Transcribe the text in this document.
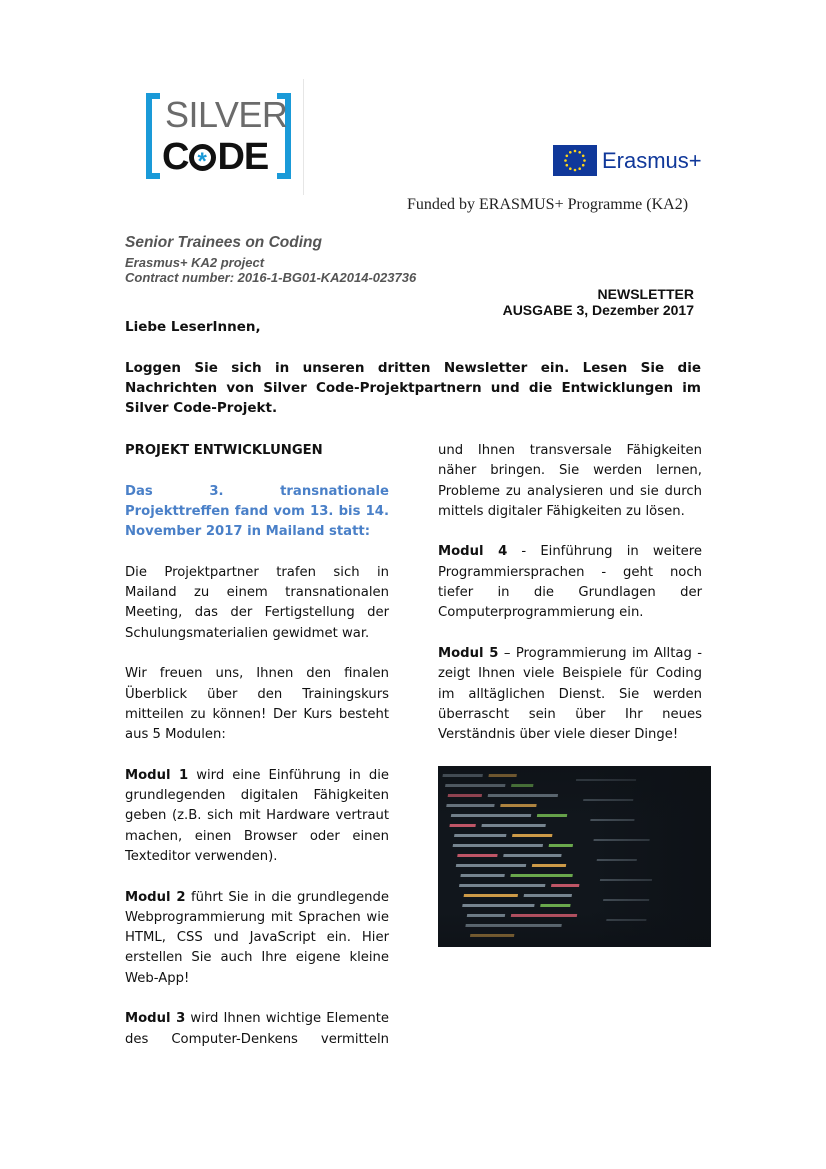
SILVER
C * DE	Erasmus+
Funded by ERASMUS+ Programme (KA2)
Senior Trainees on Coding
Erasmus+ KA2 project
Contract number: 2016-1-BG01-KA2014-023736
NEWSLETTER
AUSGABE 3, Dezember 2017
Liebe LeserInnen,
Loggen Sie sich in unseren dritten Newsletter ein. Lesen Sie die Nachrichten von Silver Code-Projektpartnern und die Entwicklungen im Silver Code-Projekt.

PROJEKT ENTWICKLUNGEN

Das 3. transnationale Projekttreffen fand vom 13. bis 14. November 2017 in Mailand statt:

Die Projektpartner trafen sich in Mailand zu einem transnationalen Meeting, das der Fertigstellung der Schulungsmaterialien gewidmet war.

Wir freuen uns, Ihnen den finalen Überblick über den Trainingskurs mitteilen zu können! Der Kurs besteht aus 5 Modulen:

Modul 1 wird eine Einführung in die grundlegenden digitalen Fähigkeiten geben (z.B. sich mit Hardware vertraut machen, einen Browser oder einen Texteditor verwenden).

Modul 2 führt Sie in die grundlegende Webprogrammierung mit Sprachen wie HTML, CSS und JavaScript ein. Hier erstellen Sie auch Ihre eigene kleine Web-App!

Modul 3 wird Ihnen wichtige Elemente des Computer-Denkens vermitteln

und Ihnen transversale Fähigkeiten näher bringen. Sie werden lernen, Probleme zu analysieren und sie durch mittels digitaler Fähigkeiten zu lösen.

Modul 4 - Einführung in weitere Programmiersprachen - geht noch tiefer in die Grundlagen der Computerprogrammierung ein.

Modul 5 – Programmierung im Alltag - zeigt Ihnen viele Beispiele für Coding im alltäglichen Dienst. Sie werden überrascht sein über Ihr neues Verständnis über viele dieser Dinge!
